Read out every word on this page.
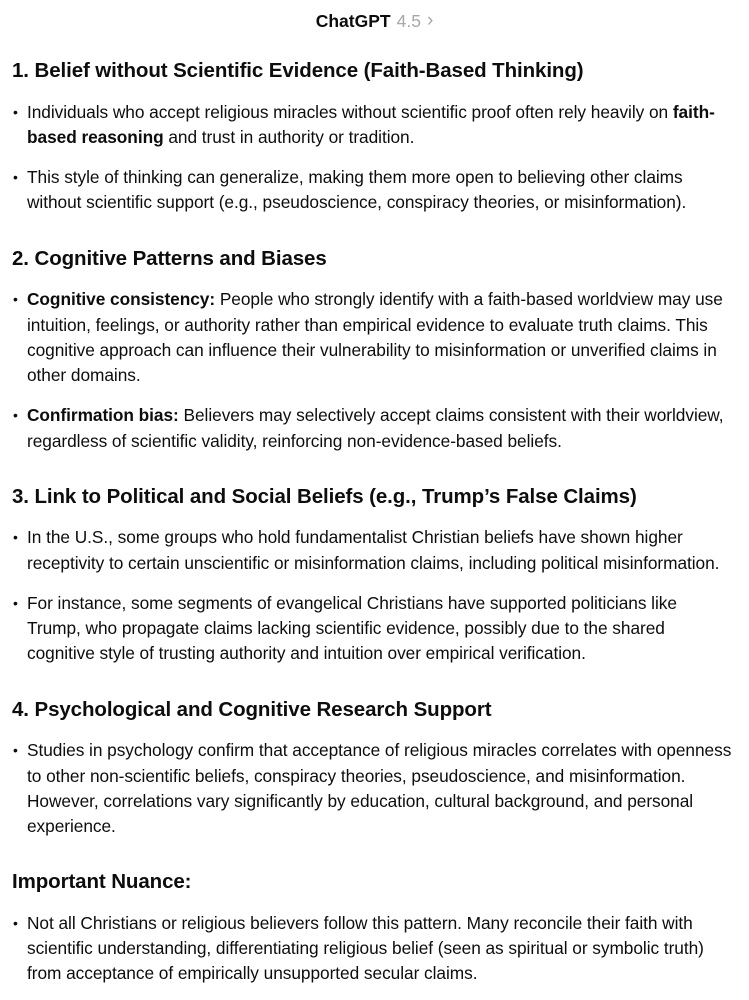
ChatGPT 4.5 ›
1. Belief without Scientific Evidence (Faith-Based Thinking)
• Individuals who accept religious miracles without scientific proof often rely heavily on faith-based reasoning and trust in authority or tradition.
• This style of thinking can generalize, making them more open to believing other claims without scientific support (e.g., pseudoscience, conspiracy theories, or misinformation).
2. Cognitive Patterns and Biases
• Cognitive consistency: People who strongly identify with a faith-based worldview may use intuition, feelings, or authority rather than empirical evidence to evaluate truth claims. This cognitive approach can influence their vulnerability to misinformation or unverified claims in other domains.
• Confirmation bias: Believers may selectively accept claims consistent with their worldview, regardless of scientific validity, reinforcing non-evidence-based beliefs.
3. Link to Political and Social Beliefs (e.g., Trump’s False Claims)
• In the U.S., some groups who hold fundamentalist Christian beliefs have shown higher receptivity to certain unscientific or misinformation claims, including political misinformation.
• For instance, some segments of evangelical Christians have supported politicians like Trump, who propagate claims lacking scientific evidence, possibly due to the shared cognitive style of trusting authority and intuition over empirical verification.
4. Psychological and Cognitive Research Support
• Studies in psychology confirm that acceptance of religious miracles correlates with openness to other non-scientific beliefs, conspiracy theories, pseudoscience, and misinformation. However, correlations vary significantly by education, cultural background, and personal experience.
Important Nuance:
• Not all Christians or religious believers follow this pattern. Many reconcile their faith with scientific understanding, differentiating religious belief (seen as spiritual or symbolic truth) from acceptance of empirically unsupported secular claims.
